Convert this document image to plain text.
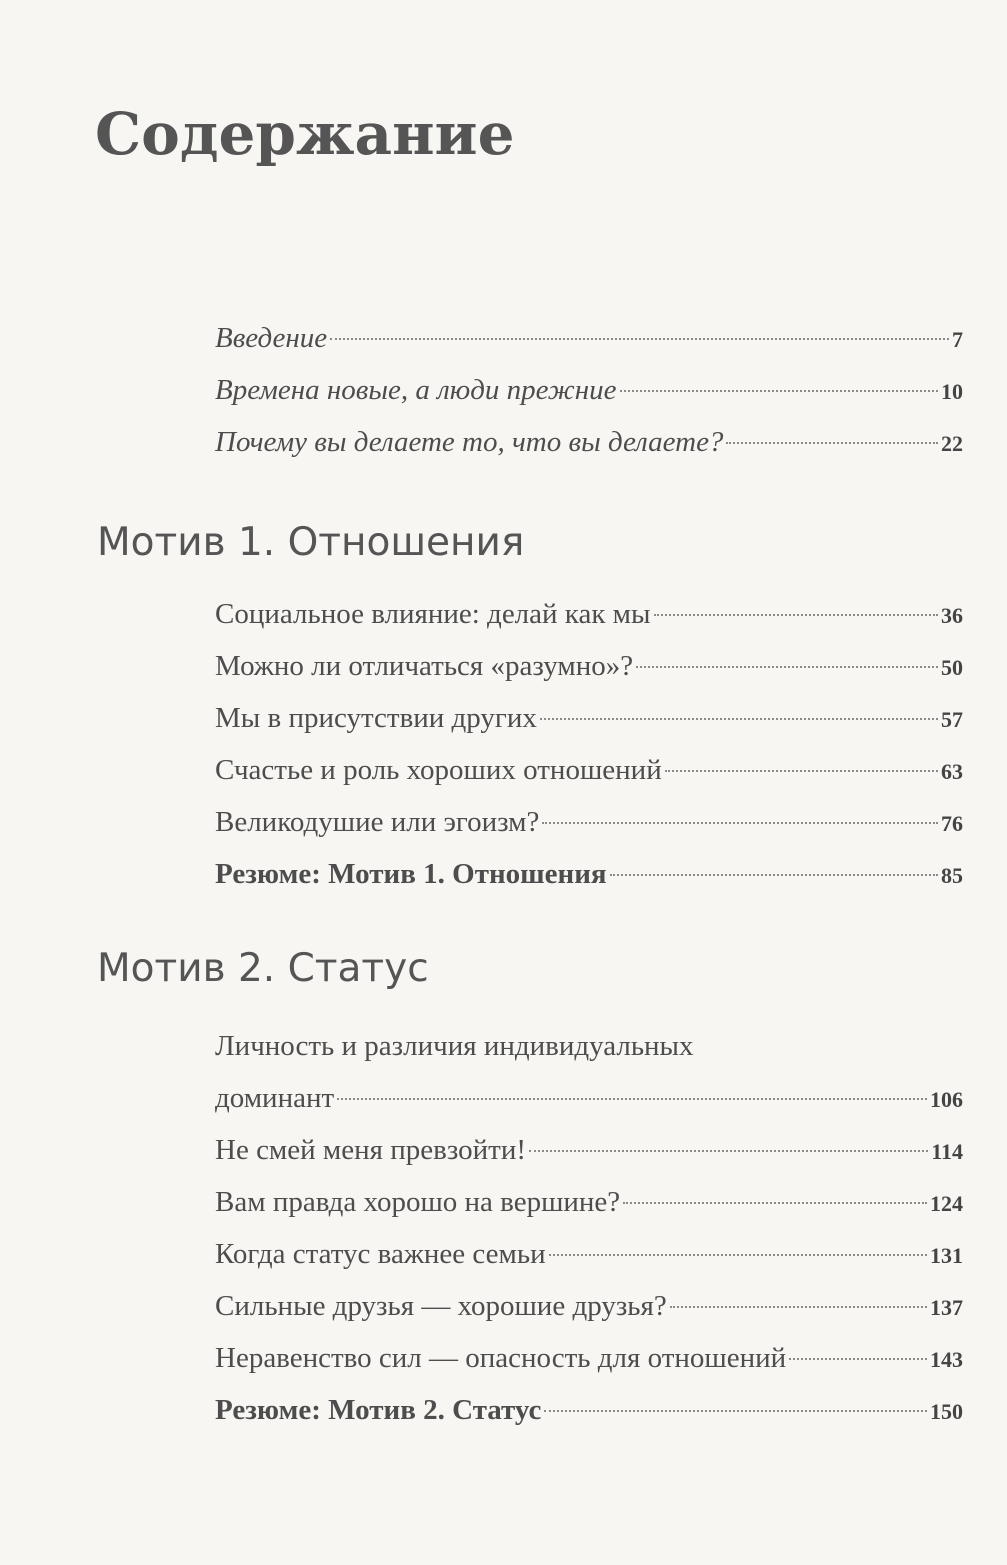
Содержание
Введение	7
Времена новые, а люди прежние	10
Почему вы делаете то, что вы делаете?	22
Мотив 1. Отношения
Социальное влияние: делай как мы	36
Можно ли отличаться «разумно»?	50
Мы в присутствии других	57
Счастье и роль хороших отношений	63
Великодушие или эгоизм?	76
Резюме: Мотив 1. Отношения	85
Мотив 2. Статус
Личность и различия индивидуальных
доминант	106
Не смей меня превзойти!	114
Вам правда хорошо на вершине?	124
Когда статус важнее семьи	131
Сильные друзья — хорошие друзья?	137
Неравенство сил — опасность для отношений	143
Резюме: Мотив 2. Статус	150
